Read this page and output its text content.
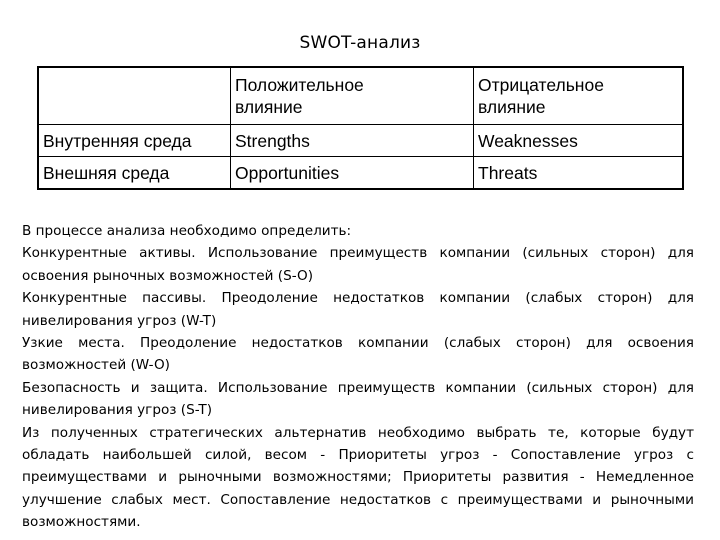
SWOT-анализ

	Положительное влияние	Отрицательное влияние

Внутренняя среда	Strengths	Weaknesses
Внешняя среда	Opportunities	Threats

В процессе анализа необходимо определить:

Конкурентные активы. Использование преимуществ компании (сильных сторон) для освоения рыночных возможностей (S-O)

Конкурентные пассивы. Преодоление недостатков компании (слабых сторон) для нивелирования угроз (W-T)

Узкие места. Преодоление недостатков компании (слабых сторон) для освоения возможностей (W-O)

Безопасность и защита. Использование преимуществ компании (сильных сторон) для нивелирования угроз (S-T)

Из полученных стратегических альтернатив необходимо выбрать те, которые будут обладать наибольшей силой, весом - Приоритеты угроз - Сопоставление угроз с преимуществами и рыночными возможностями; Приоритеты развития - Немедленное улучшение слабых мест. Сопоставление недостатков с преимуществами и рыночными возможностями.
